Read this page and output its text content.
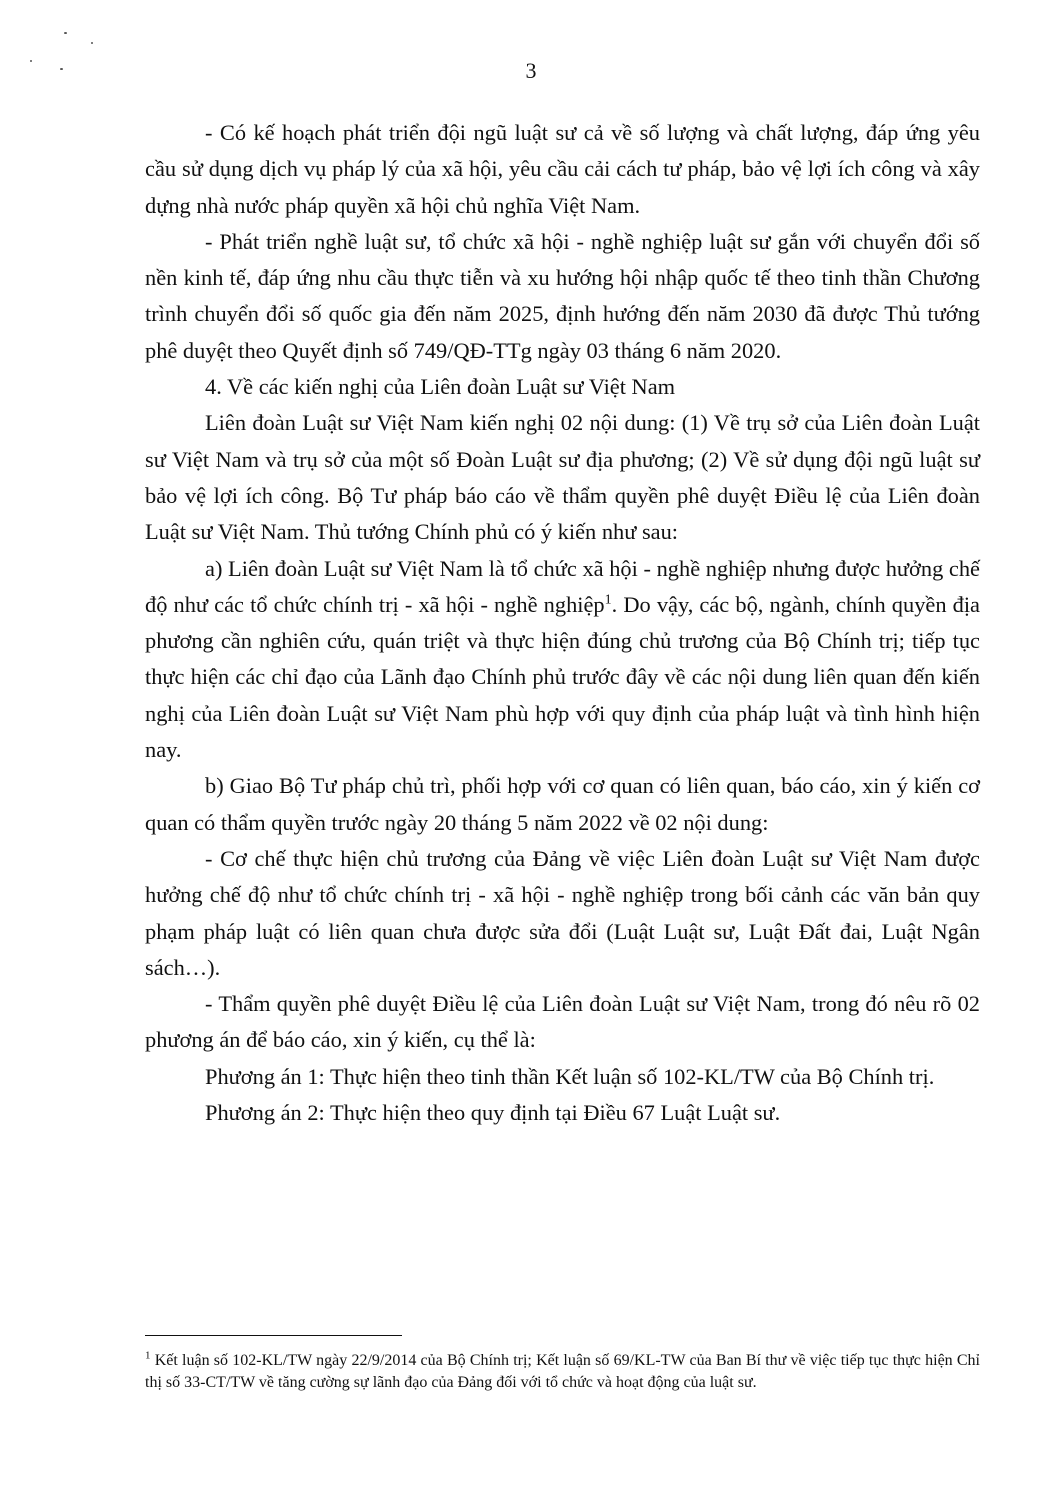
3

- Có kế hoạch phát triển đội ngũ luật sư cả về số lượng và chất lượng, đáp ứng yêu cầu sử dụng dịch vụ pháp lý của xã hội, yêu cầu cải cách tư pháp, bảo vệ lợi ích công và xây dựng nhà nước pháp quyền xã hội chủ nghĩa Việt Nam.

- Phát triển nghề luật sư, tổ chức xã hội - nghề nghiệp luật sư gắn với chuyển đổi số nền kinh tế, đáp ứng nhu cầu thực tiễn và xu hướng hội nhập quốc tế theo tinh thần Chương trình chuyển đổi số quốc gia đến năm 2025, định hướng đến năm 2030 đã được Thủ tướng phê duyệt theo Quyết định số 749/QĐ-TTg ngày 03 tháng 6 năm 2020.

4. Về các kiến nghị của Liên đoàn Luật sư Việt Nam

Liên đoàn Luật sư Việt Nam kiến nghị 02 nội dung: (1) Về trụ sở của Liên đoàn Luật sư Việt Nam và trụ sở của một số Đoàn Luật sư địa phương; (2) Về sử dụng đội ngũ luật sư bảo vệ lợi ích công. Bộ Tư pháp báo cáo về thẩm quyền phê duyệt Điều lệ của Liên đoàn Luật sư Việt Nam. Thủ tướng Chính phủ có ý kiến như sau:

a) Liên đoàn Luật sư Việt Nam là tổ chức xã hội - nghề nghiệp nhưng được hưởng chế độ như các tổ chức chính trị - xã hội - nghề nghiệp$^1$. Do vậy, các bộ, ngành, chính quyền địa phương cần nghiên cứu, quán triệt và thực hiện đúng chủ trương của Bộ Chính trị; tiếp tục thực hiện các chỉ đạo của Lãnh đạo Chính phủ trước đây về các nội dung liên quan đến kiến nghị của Liên đoàn Luật sư Việt Nam phù hợp với quy định của pháp luật và tình hình hiện nay.

b) Giao Bộ Tư pháp chủ trì, phối hợp với cơ quan có liên quan, báo cáo, xin ý kiến cơ quan có thẩm quyền trước ngày 20 tháng 5 năm 2022 về 02 nội dung:

- Cơ chế thực hiện chủ trương của Đảng về việc Liên đoàn Luật sư Việt Nam được hưởng chế độ như tổ chức chính trị - xã hội - nghề nghiệp trong bối cảnh các văn bản quy phạm pháp luật có liên quan chưa được sửa đổi (Luật Luật sư, Luật Đất đai, Luật Ngân sách…).

- Thẩm quyền phê duyệt Điều lệ của Liên đoàn Luật sư Việt Nam, trong đó nêu rõ 02 phương án để báo cáo, xin ý kiến, cụ thể là:

Phương án 1: Thực hiện theo tinh thần Kết luận số 102-KL/TW của Bộ Chính trị.

Phương án 2: Thực hiện theo quy định tại Điều 67 Luật Luật sư.

$^1$ Kết luận số 102-KL/TW ngày 22/9/2014 của Bộ Chính trị; Kết luận số 69/KL-TW của Ban Bí thư về việc tiếp tục thực hiện Chỉ thị số 33-CT/TW về tăng cường sự lãnh đạo của Đảng đối với tổ chức và hoạt động của luật sư.
